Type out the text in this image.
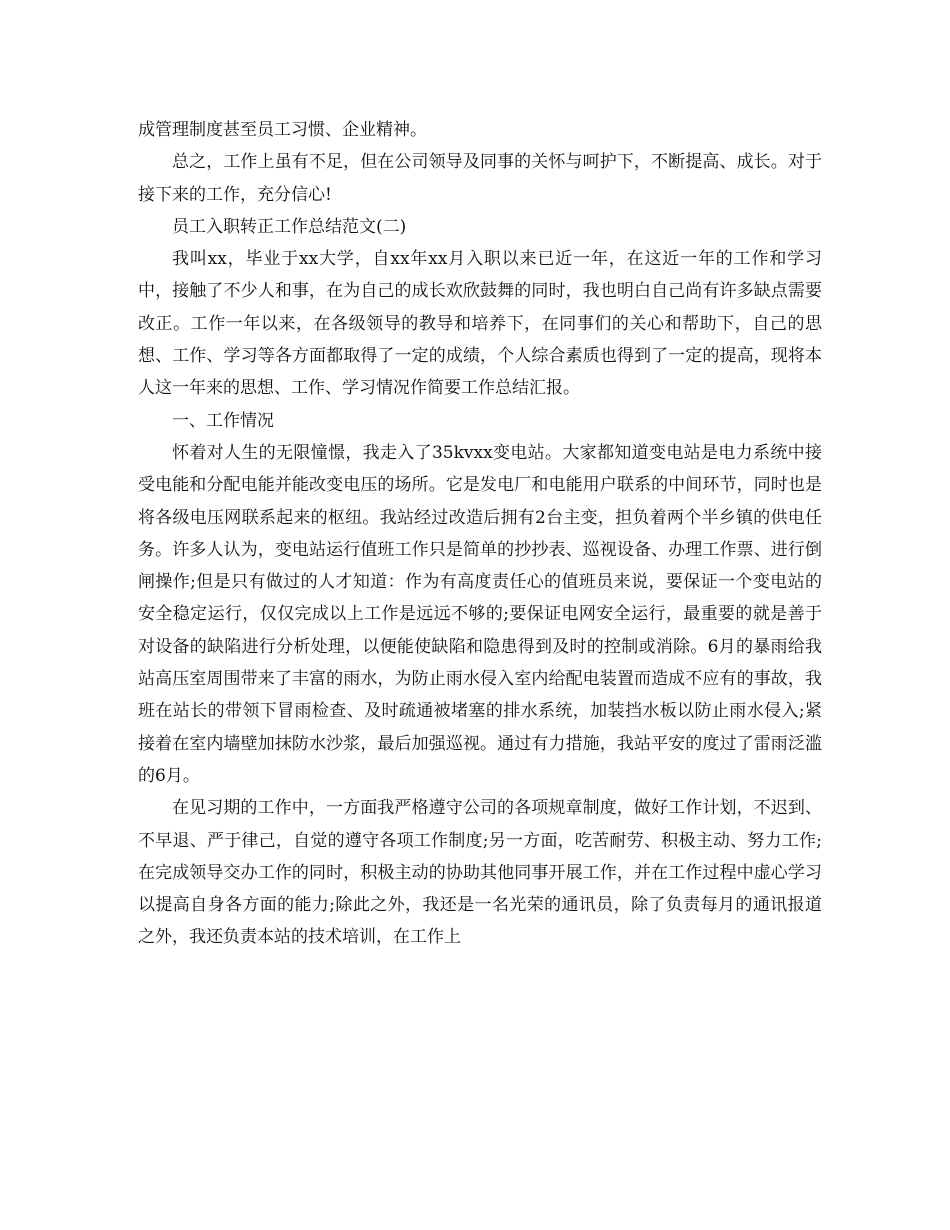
成管理制度甚至员工习惯、企业精神。

总之，工作上虽有不足，但在公司领导及同事的关怀与呵护下，不断提高、成长。对于接下来的工作，充分信心!

员工入职转正工作总结范文(二)

我叫xx，毕业于xx大学，自xx年xx月入职以来已近一年，在这近一年的工作和学习中，接触了不少人和事，在为自己的成长欢欣鼓舞的同时，我也明白自己尚有许多缺点需要改正。工作一年以来，在各级领导的教导和培养下，在同事们的关心和帮助下，自己的思想、工作、学习等各方面都取得了一定的成绩，个人综合素质也得到了一定的提高，现将本人这一年来的思想、工作、学习情况作简要工作总结汇报。

一、工作情况

怀着对人生的无限憧憬，我走入了35kvxx变电站。大家都知道变电站是电力系统中接受电能和分配电能并能改变电压的场所。它是发电厂和电能用户联系的中间环节，同时也是将各级电压网联系起来的枢纽。我站经过改造后拥有2台主变，担负着两个半乡镇的供电任务。许多人认为，变电站运行值班工作只是简单的抄抄表、巡视设备、办理工作票、进行倒闸操作;但是只有做过的人才知道：作为有高度责任心的值班员来说，要保证一个变电站的安全稳定运行，仅仅完成以上工作是远远不够的;要保证电网安全运行，最重要的就是善于对设备的缺陷进行分析处理，以便能使缺陷和隐患得到及时的控制或消除。6月的暴雨给我站高压室周围带来了丰富的雨水，为防止雨水侵入室内给配电装置而造成不应有的事故，我班在站长的带领下冒雨检查、及时疏通被堵塞的排水系统，加装挡水板以防止雨水侵入;紧接着在室内墙壁加抹防水沙浆，最后加强巡视。通过有力措施，我站平安的度过了雷雨泛滥的6月。

在见习期的工作中，一方面我严格遵守公司的各项规章制度，做好工作计划，不迟到、不早退、严于律己，自觉的遵守各项工作制度;另一方面，吃苦耐劳、积极主动、努力工作;在完成领导交办工作的同时，积极主动的协助其他同事开展工作，并在工作过程中虚心学习以提高自身各方面的能力;除此之外，我还是一名光荣的通讯员，除了负责每月的通讯报道之外，我还负责本站的技术培训，在工作上
